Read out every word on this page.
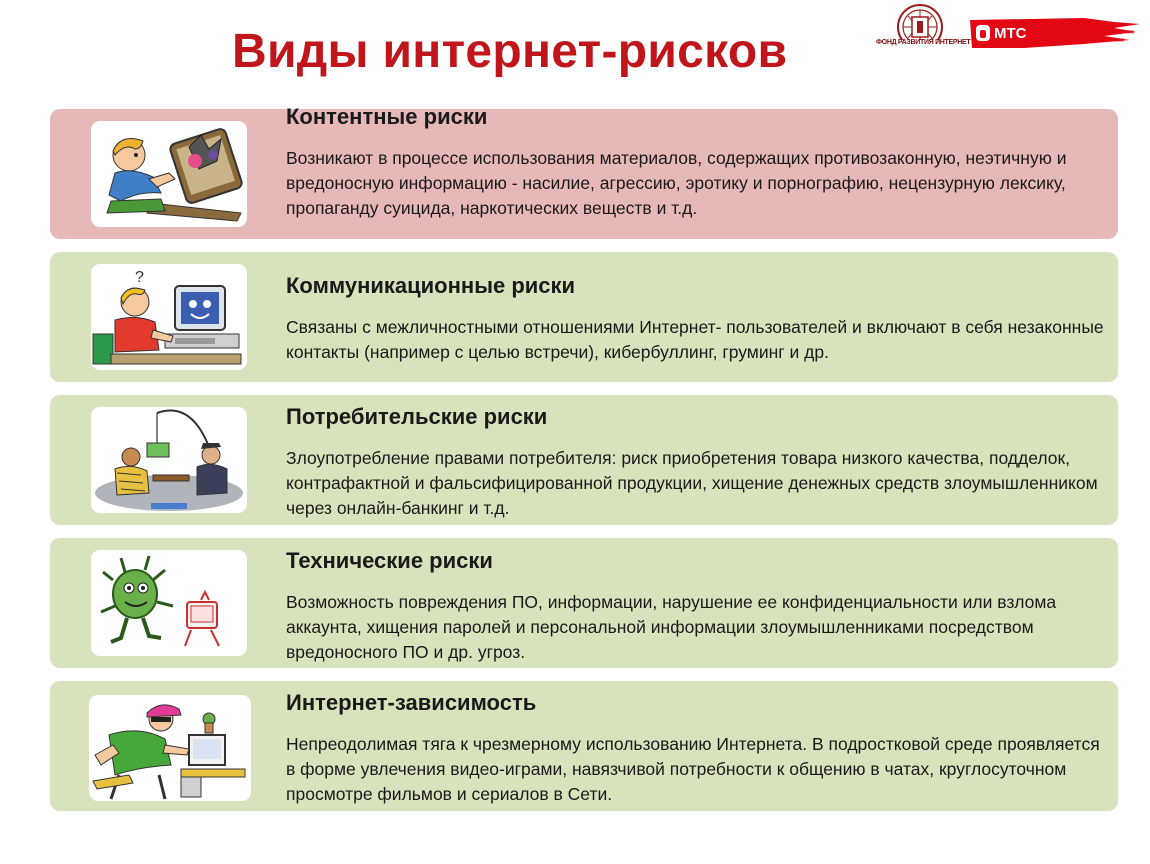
Виды интернет-рисков	ФОНД РАЗВИТИЯ ИНТЕРНЕТ
МТС
Контентные риски
Возникают в процессе использования материалов, содержащих противозаконную, неэтичную и вредоносную информацию - насилие, агрессию, эротику и порнографию, нецензурную лексику, пропаганду суицида, наркотических веществ и т.д.
?	Коммуникационные риски
Связаны с межличностными отношениями Интернет- пользователей и включают в себя незаконные контакты (например с целью встречи), кибербуллинг, груминг и др.
Потребительские риски
Злоупотребление правами потребителя: риск приобретения товара низкого качества, подделок, контрафактной и фальсифицированной продукции, хищение денежных средств злоумышленником через онлайн-банкинг и т.д.
Технические риски
Возможность повреждения ПО, информации, нарушение ее конфиденциальности или взлома аккаунта, хищения паролей и персональной информации злоумышленниками посредством вредоносного ПО и др. угроз.
Интернет-зависимость
Непреодолимая тяга к чрезмерному использованию Интернета. В подростковой среде проявляется в форме увлечения видео-играми, навязчивой потребности к общению в чатах, круглосуточном просмотре фильмов и сериалов в Сети.
